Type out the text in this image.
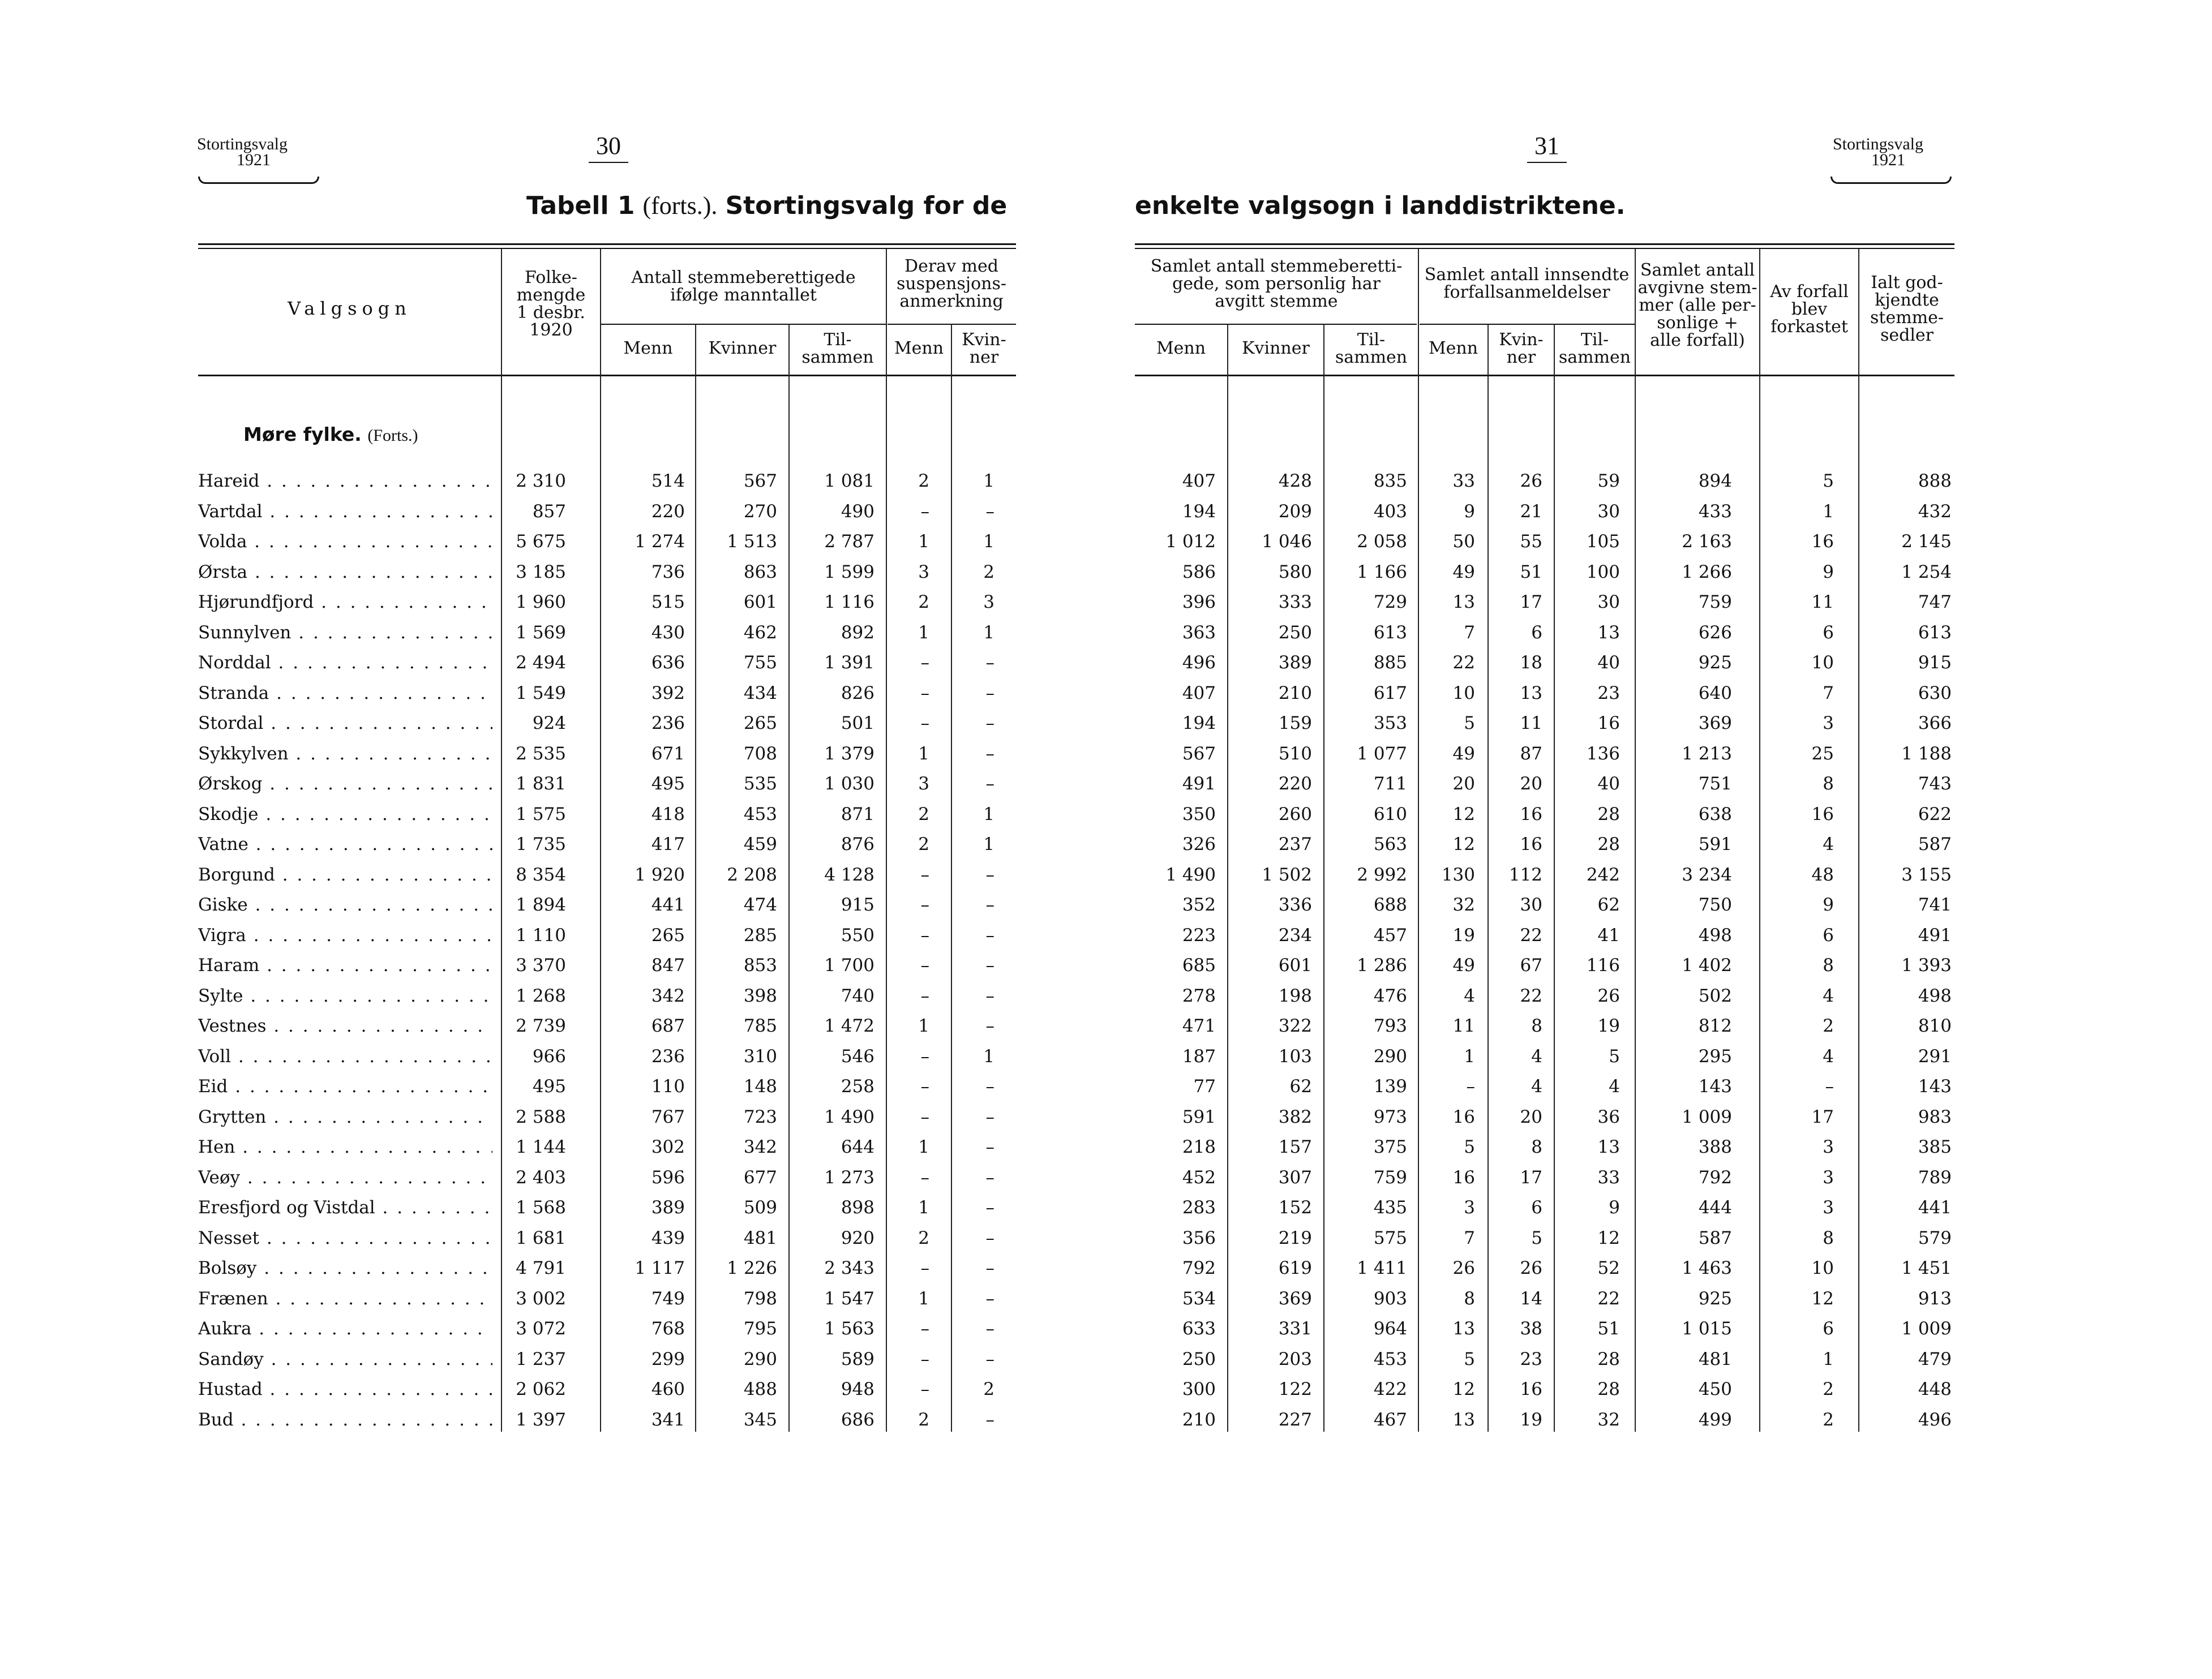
Stortingsvalg
1921
30	31	Stortingsvalg
1921
Tabell 1 (forts.). Stortingsvalg for de	enkelte valgsogn i landdistriktene.
Valgsogn
Folke-
mengde
1 desbr.
1920
Antall stemmeberettigede
ifølge manntallet
Menn	Kvinner	Til-
sammen
Derav med
suspensjons-
anmerkning
Menn	Kvin-
ner
Samlet antall stemmeberetti-
gede, som personlig har
avgitt stemme
Menn	Kvinner	Til-
sammen
Samlet antall innsendte
forfallsanmeldelser
Menn	Kvin-
ner
Til-
sammen
Samlet antall
avgivne stem-
mer (alle per-
sonlige +
alle forfall)
Av forfall
blev
forkastet
Ialt god-
kjendte
stemme-
sedler
Møre fylke. (Forts.)
Hareid . . .	2 310	514	567	1 081	2	1	407	428	835	33	26	59	894	5	888
Vartdal . . .	857	220	270	490	–	–	194	209	403	9	21	30	433	1	432
Volda . . .	5 675	1 274	1 513	2 787	1	1	1 012	1 046	2 058	50	55	105	2 163	16	2 145
Ørsta . . .	3 185	736	863	1 599	3	2	586	580	1 166	49	51	100	1 266	9	1 254
Hjørundfjord . . .	1 960	515	601	1 116	2	3	396	333	729	13	17	30	759	11	747
Sunnylven . . .	1 569	430	462	892	1	1	363	250	613	7	6	13	626	6	613
Norddal . . .	2 494	636	755	1 391	–	–	496	389	885	22	18	40	925	10	915
Stranda . . .	1 549	392	434	826	–	–	407	210	617	10	13	23	640	7	630
Stordal . . .	924	236	265	501	–	–	194	159	353	5	11	16	369	3	366
Sykkylven . . .	2 535	671	708	1 379	1	–	567	510	1 077	49	87	136	1 213	25	1 188
Ørskog . . .	1 831	495	535	1 030	3	–	491	220	711	20	20	40	751	8	743
Skodje . . .	1 575	418	453	871	2	1	350	260	610	12	16	28	638	16	622
Vatne . . .	1 735	417	459	876	2	1	326	237	563	12	16	28	591	4	587
Borgund . . .	8 354	1 920	2 208	4 128	–	–	1 490	1 502	2 992	130	112	242	3 234	48	3 155
Giske . . .	1 894	441	474	915	–	–	352	336	688	32	30	62	750	9	741
Vigra . . .	1 110	265	285	550	–	–	223	234	457	19	22	41	498	6	491
Haram . . .	3 370	847	853	1 700	–	–	685	601	1 286	49	67	116	1 402	8	1 393
Sylte . . .	1 268	342	398	740	–	–	278	198	476	4	22	26	502	4	498
Vestnes . . .	2 739	687	785	1 472	1	–	471	322	793	11	8	19	812	2	810
Voll . . .	966	236	310	546	–	1	187	103	290	1	4	5	295	4	291
Eid . . .	495	110	148	258	–	–	77	62	139	–	4	4	143	–	143
Grytten . . .	2 588	767	723	1 490	–	–	591	382	973	16	20	36	1 009	17	983
Hen . . .	1 144	302	342	644	1	–	218	157	375	5	8	13	388	3	385
Veøy . . .	2 403	596	677	1 273	–	–	452	307	759	16	17	33	792	3	789
Eresfjord og Vistdal . . .	1 568	389	509	898	1	–	283	152	435	3	6	9	444	3	441
Nesset . . .	1 681	439	481	920	2	–	356	219	575	7	5	12	587	8	579
Bolsøy . . .	4 791	1 117	1 226	2 343	–	–	792	619	1 411	26	26	52	1 463	10	1 451
Frænen . . .	3 002	749	798	1 547	1	–	534	369	903	8	14	22	925	12	913
Aukra . . .	3 072	768	795	1 563	–	–	633	331	964	13	38	51	1 015	6	1 009
Sandøy . . .	1 237	299	290	589	–	–	250	203	453	5	23	28	481	1	479
Hustad . . .	2 062	460	488	948	–	2	300	122	422	12	16	28	450	2	448
Bud . . .	1 397	341	345	686	2	–	210	227	467	13	19	32	499	2	496
